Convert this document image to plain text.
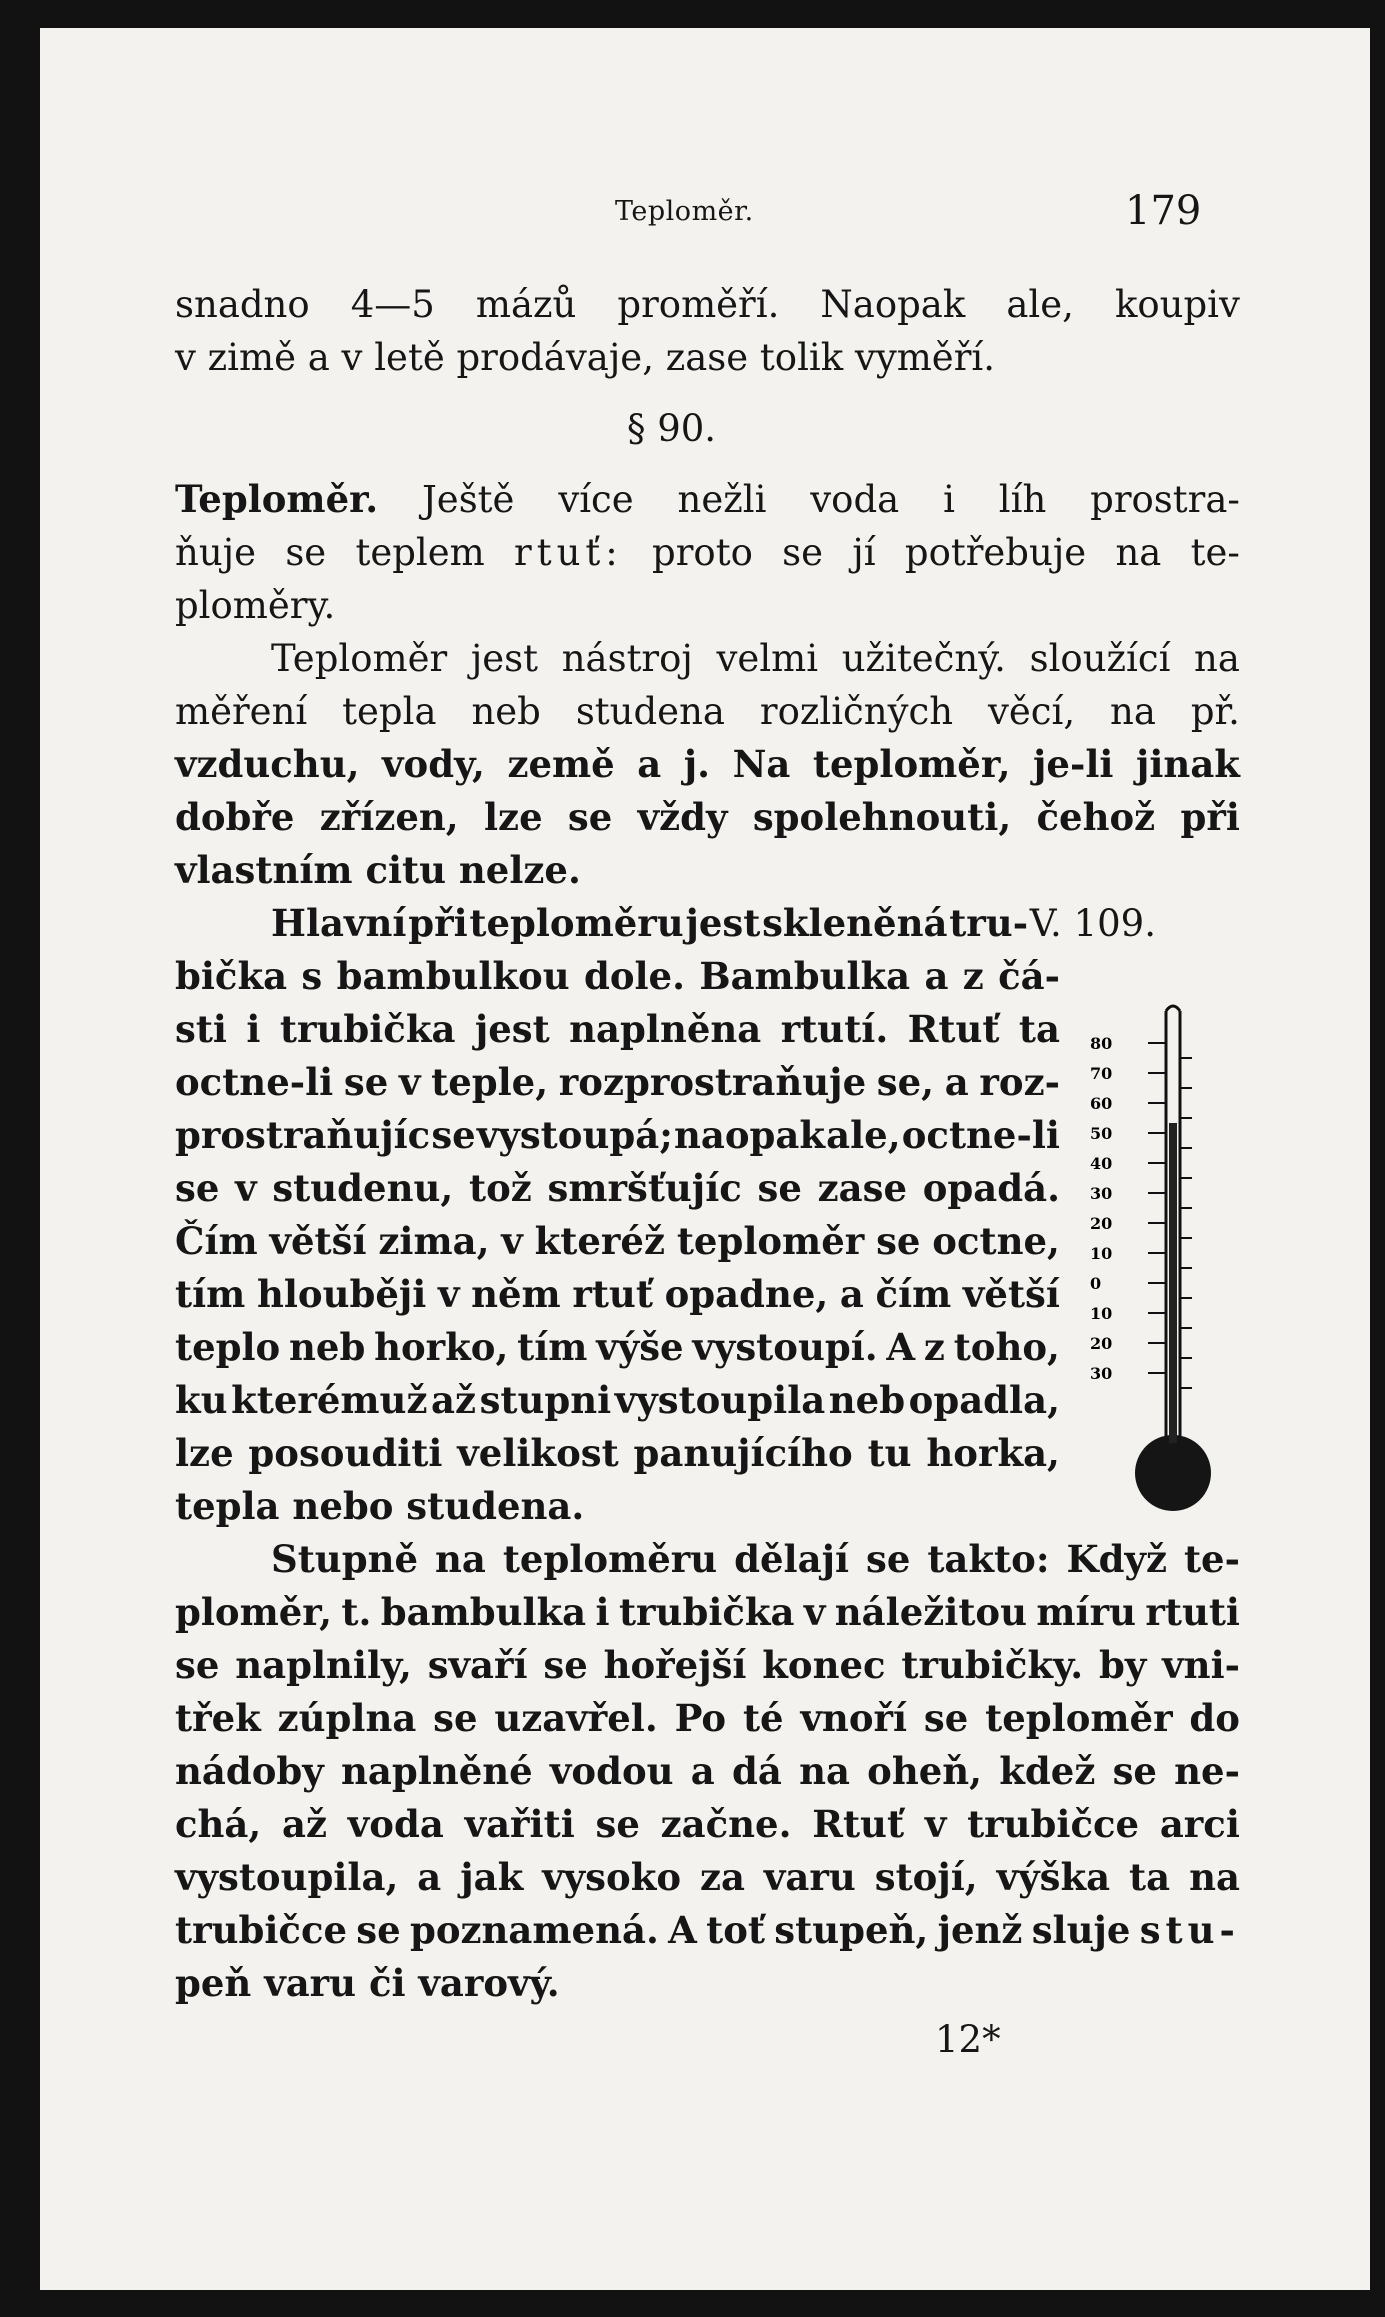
Teploměr.	179
snadno 4—5 mázů proměří. Naopak ale, koupiv
v zimě a v letě prodávaje, zase tolik vyměří.
§ 90.
Teploměr. Ještě více nežli voda i líh prostra-
ňuje se teplem rtuť: proto se jí potřebuje na te-
ploměry.
Teploměr jest nástroj velmi užitečný. sloužící na
měření tepla neb studena rozličných věcí, na př.
vzduchu, vody, země a j. Na teploměr, je-li jinak
dobře zřízen, lze se vždy spolehnouti, čehož při
vlastním citu nelze.
Hlavní při teploměru jest skleněná tru- V. 109.
bička s bambulkou dole. Bambulka a z čá-
sti i trubička jest naplněna rtutí. Rtuť ta
octne-li se v teple, rozprostraňuje se, a roz-
prostraňujíc se vystoupá; naopak ale, octne-li
se v studenu, tož smršťujíc se zase opadá.
Čím větší zima, v kteréž teploměr se octne,
tím hlouběji v něm rtuť opadne, a čím větší
teplo neb horko, tím výše vystoupí. A z toho,
ku kterémuž až stupni vystoupila neb opadla,
lze posouditi velikost panujícího tu horka,
tepla nebo studena.
Stupně na teploměru dělají se takto: Když te-
ploměr, t. bambulka i trubička v náležitou míru rtuti
se naplnily, svaří se hořejší konec trubičky. by vni-
třek zúplna se uzavřel. Po té vnoří se teploměr do
nádoby naplněné vodou a dá na oheň, kdež se ne-
chá, až voda vařiti se začne. Rtuť v trubičce arci
vystoupila, a jak vysoko za varu stojí, výška ta na
trubičce se poznamená. A toť stupeň, jenž sluje stu-
peň varu či varový.
80
70
60
50
40
30
20
10
0
10
20
30
12*
